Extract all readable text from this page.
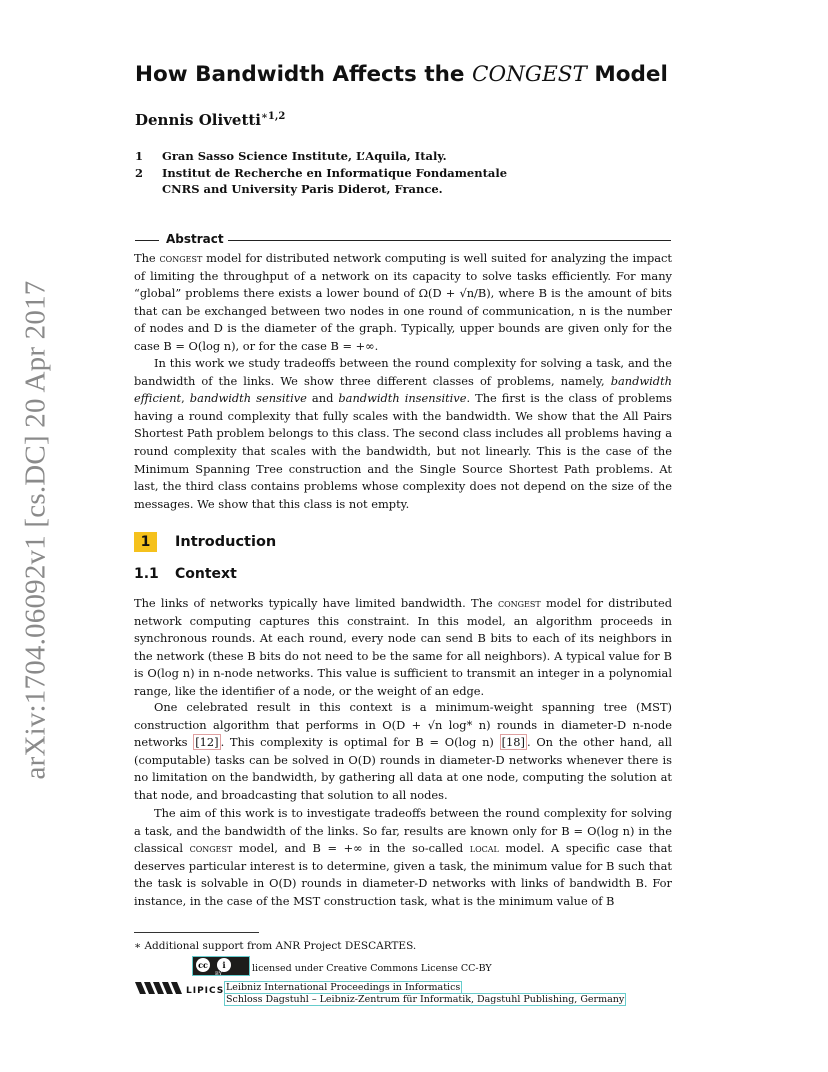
arXiv:1704.06092v1 [cs.DC] 20 Apr 2017
How Bandwidth Affects the CONGEST Model
Dennis Olivetti$^{∗1,2}$
1 Gran Sasso Science Institute, L’Aquila, Italy.
2 Institut de Recherche en Informatique Fondamentale
CNRS and University Paris Diderot, France.
Abstract
The congest model for distributed network computing is well suited for analyzing the impact of limiting the throughput of a network on its capacity to solve tasks efficiently. For many “global” problems there exists a lower bound of Ω(D + √n/B), where B is the amount of bits that can be exchanged between two nodes in one round of communication, n is the number of nodes and D is the diameter of the graph. Typically, upper bounds are given only for the case B = O(log n), or for the case B = +∞.
In this work we study tradeoffs between the round complexity for solving a task, and the bandwidth of the links. We show three different classes of problems, namely, bandwidth efficient, bandwidth sensitive and bandwidth insensitive. The first is the class of problems having a round complexity that fully scales with the bandwidth. We show that the All Pairs Shortest Path problem belongs to this class. The second class includes all problems having a round complexity that scales with the bandwidth, but not linearly. This is the case of the Minimum Spanning Tree construction and the Single Source Shortest Path problems. At last, the third class contains problems whose complexity does not depend on the size of the messages. We show that this class is not empty.
1	Introduction
1.1 Context
The links of networks typically have limited bandwidth. The congest model for distributed network computing captures this constraint. In this model, an algorithm proceeds in synchronous rounds. At each round, every node can send B bits to each of its neighbors in the network (these B bits do not need to be the same for all neighbors). A typical value for B is O(log n) in n-node networks. This value is sufficient to transmit an integer in a polynomial range, like the identifier of a node, or the weight of an edge.
One celebrated result in this context is a minimum-weight spanning tree (MST) construction algorithm that performs in O(D + √n log* n) rounds in diameter-D n-node networks [12] . This complexity is optimal for B = O(log n) [18] . On the other hand, all (computable) tasks can be solved in O(D) rounds in diameter-D networks whenever there is no limitation on the bandwidth, by gathering all data at one node, computing the solution at that node, and broadcasting that solution to all nodes.
The aim of this work is to investigate tradeoffs between the round complexity for solving a task, and the bandwidth of the links. So far, results are known only for B = O(log n) in the classical congest model, and B = +∞ in the so-called local model. A specific case that deserves particular interest is to determine, given a task, the minimum value for B such that the task is solvable in O(D) rounds in diameter-D networks with links of bandwidth B. For instance, in the case of the MST construction task, what is the minimum value of B
∗ Additional support from ANR Project DESCARTES.
cc	i
BY	licensed under Creative Commons License CC-BY
Leibniz International Proceedings in Informatics
Schloss Dagstuhl – Leibniz-Zentrum für Informatik, Dagstuhl Publishing, Germany
LIPICS
